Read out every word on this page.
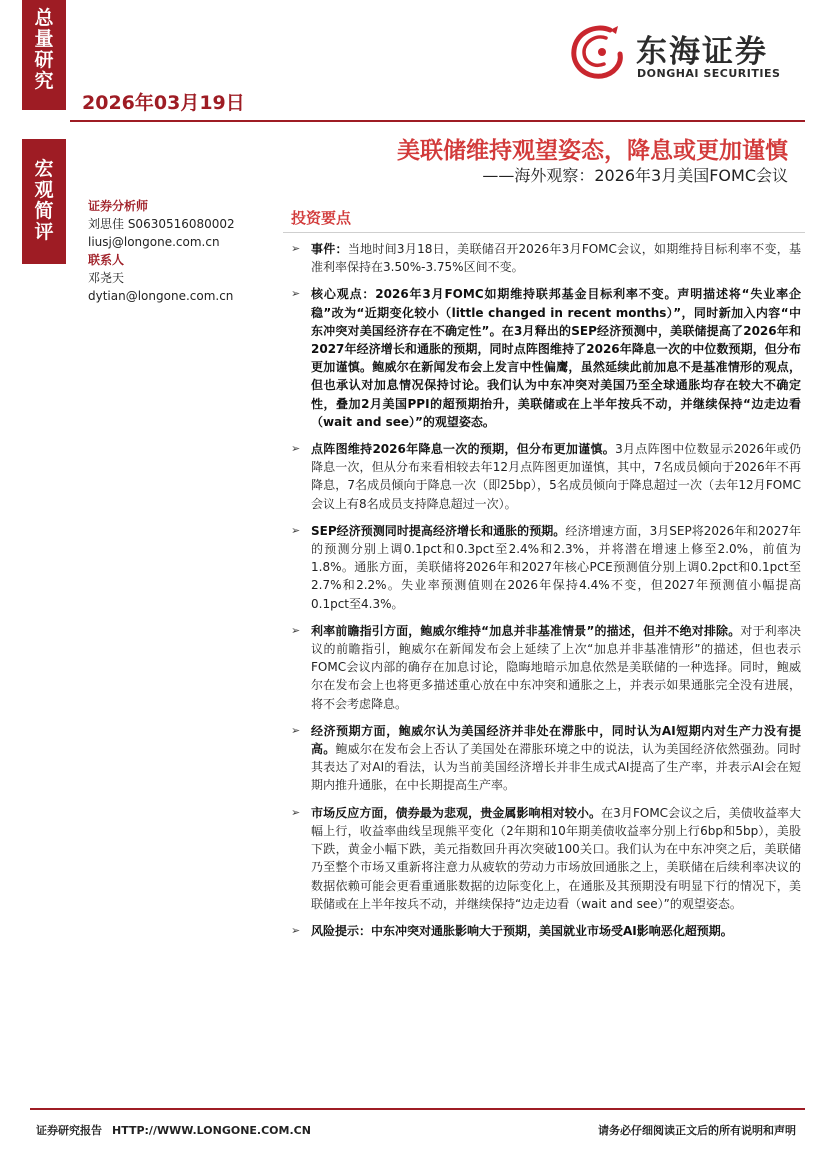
总
量
研
究
宏
观
简
评
2026年03月19日
东海证券
DONGHAI SECURITIES
美联储维持观望姿态，降息或更加谨慎
——海外观察：2026年3月美国FOMC会议
证券分析师
刘思佳 S0630516080002
liusj@longone.com.cn
联系人
邓尧天
dytian@longone.com.cn
投资要点
➢ 事件：当地时间3月18日，美联储召开2026年3月FOMC会议，如期维持目标利率不变，基准利率保持在3.50%-3.75%区间不变。
➢ 核心观点：2026年3月FOMC如期维持联邦基金目标利率不变。声明描述将“失业率企稳”改为“近期变化较小（little changed in recent months）”，同时新加入内容“中东冲突对美国经济存在不确定性”。在3月释出的SEP经济预测中，美联储提高了2026年和2027年经济增长和通胀的预期，同时点阵图维持了2026年降息一次的中位数预期，但分布更加谨慎。鲍威尔在新闻发布会上发言中性偏鹰，虽然延续此前加息不是基准情形的观点，但也承认对加息情况保持讨论。我们认为中东冲突对美国乃至全球通胀均存在较大不确定性，叠加2月美国PPI的超预期抬升，美联储或在上半年按兵不动，并继续保持“边走边看（wait and see）”的观望姿态。
➢ 点阵图维持2026年降息一次的预期，但分布更加谨慎。3月点阵图中位数显示2026年或仍降息一次，但从分布来看相较去年12月点阵图更加谨慎，其中，7名成员倾向于2026年不再降息，7名成员倾向于降息一次（即25bp），5名成员倾向于降息超过一次（去年12月FOMC会议上有8名成员支持降息超过一次）。
➢ SEP经济预测同时提高经济增长和通胀的预期。经济增速方面，3月SEP将2026年和2027年的预测分别上调0.1pct和0.3pct至2.4%和2.3%，并将潜在增速上修至2.0%，前值为1.8%。通胀方面，美联储将2026年和2027年核心PCE预测值分别上调0.2pct和0.1pct至2.7%和2.2%。失业率预测值则在2026年保持4.4%不变，但2027年预测值小幅提高0.1pct至4.3%。
➢ 利率前瞻指引方面，鲍威尔维持“加息并非基准情景”的描述，但并不绝对排除。对于利率决议的前瞻指引，鲍威尔在新闻发布会上延续了上次“加息并非基准情形”的描述，但也表示FOMC会议内部的确存在加息讨论，隐晦地暗示加息依然是美联储的一种选择。同时，鲍威尔在发布会上也将更多描述重心放在中东冲突和通胀之上，并表示如果通胀完全没有进展，将不会考虑降息。
➢ 经济预期方面，鲍威尔认为美国经济并非处在滞胀中，同时认为AI短期内对生产力没有提高。鲍威尔在发布会上否认了美国处在滞胀环境之中的说法，认为美国经济依然强劲。同时其表达了对AI的看法，认为当前美国经济增长并非生成式AI提高了生产率，并表示AI会在短期内推升通胀，在中长期提高生产率。
➢ 市场反应方面，债券最为悲观，贵金属影响相对较小。在3月FOMC会议之后，美债收益率大幅上行，收益率曲线呈现熊平变化（2年期和10年期美债收益率分别上行6bp和5bp），美股下跌，黄金小幅下跌，美元指数回升再次突破100关口。我们认为在中东冲突之后，美联储乃至整个市场又重新将注意力从疲软的劳动力市场放回通胀之上，美联储在后续利率决议的数据依赖可能会更看重通胀数据的边际变化上，在通胀及其预期没有明显下行的情况下，美联储或在上半年按兵不动，并继续保持“边走边看（wait and see）”的观望姿态。
➢ 风险提示：中东冲突对通胀影响大于预期，美国就业市场受AI影响恶化超预期。
证券研究报告 HTTP://WWW.LONGONE.COM.CN	请务必仔细阅读正文后的所有说明和声明
